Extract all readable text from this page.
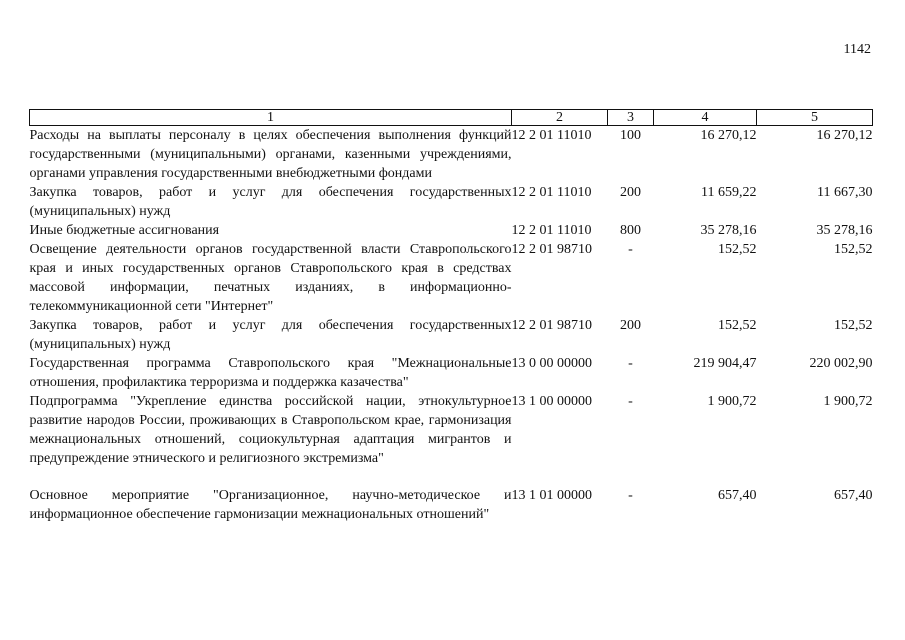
1142
1	2	3	4	5
Расходы на выплаты персоналу в целях обеспечения выполнения функций государственными (муниципальными) органами, казенными учреждениями, органами управления государственными внебюджетными фондами	12 2 01 11010	100	16 270,12	16 270,12
Закупка товаров, работ и услуг для обеспечения государственных (муниципальных) нужд	12 2 01 11010	200	11 659,22	11 667,30
Иные бюджетные ассигнования	12 2 01 11010	800	35 278,16	35 278,16
Освещение деятельности органов государственной власти Ставропольского края и иных государственных органов Ставропольского края в средствах массовой информации, печатных изданиях, в информационно-телекоммуникационной сети "Интернет"	12 2 01 98710	-	152,52	152,52
Закупка товаров, работ и услуг для обеспечения государственных (муниципальных) нужд	12 2 01 98710	200	152,52	152,52
Государственная программа Ставропольского края "Межнациональные отношения, профилактика терроризма и поддержка казачества"	13 0 00 00000	-	219 904,47	220 002,90
Подпрограмма "Укрепление единства российской нации, этнокультурное развитие народов России, проживающих в Ставропольском крае, гармонизация межнациональных отношений, социокультурная адаптация мигрантов и предупреждение этнического и религиозного экстремизма"	13 1 00 00000	-	1 900,72	1 900,72

Основное мероприятие "Организационное, научно-методическое и информационное обеспечение гармонизации межнациональных отношений"	13 1 01 00000	-	657,40	657,40
